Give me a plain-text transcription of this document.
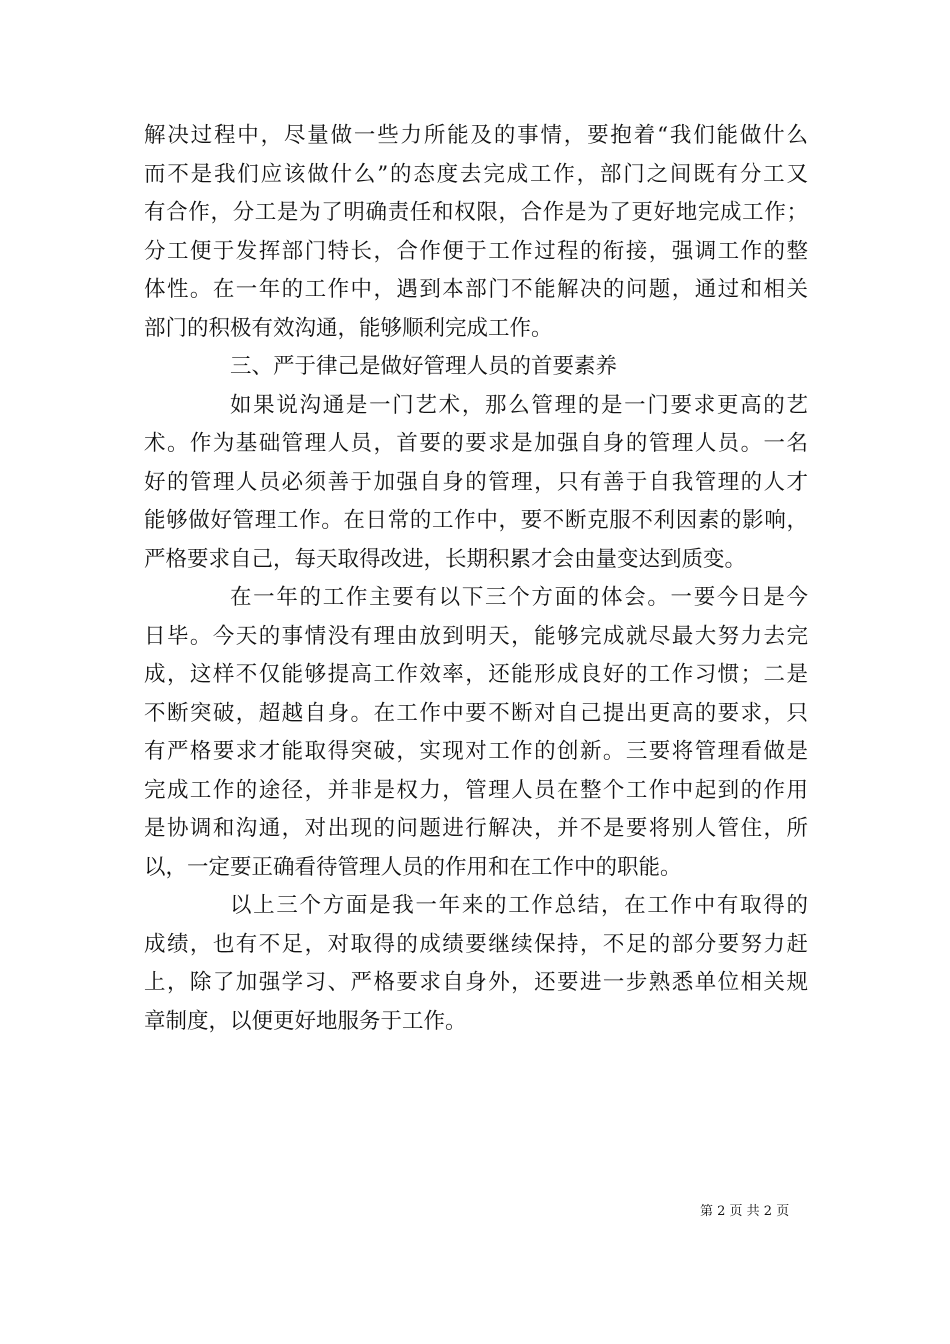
解决过程中，尽量做一些力所能及的事情，要抱着“我们能做什么
而不是我们应该做什么”的态度去完成工作，部门之间既有分工又
有合作，分工是为了明确责任和权限，合作是为了更好地完成工作；
分工便于发挥部门特长，合作便于工作过程的衔接，强调工作的整
体性。在一年的工作中，遇到本部门不能解决的问题，通过和相关
部门的积极有效沟通，能够顺利完成工作。
三、严于律己是做好管理人员的首要素养
如果说沟通是一门艺术，那么管理的是一门要求更高的艺
术。作为基础管理人员，首要的要求是加强自身的管理人员。一名
好的管理人员必须善于加强自身的管理，只有善于自我管理的人才
能够做好管理工作。在日常的工作中，要不断克服不利因素的影响，
严格要求自己，每天取得改进，长期积累才会由量变达到质变。
在一年的工作主要有以下三个方面的体会。一要今日是今
日毕。今天的事情没有理由放到明天，能够完成就尽最大努力去完
成，这样不仅能够提高工作效率，还能形成良好的工作习惯；二是
不断突破，超越自身。在工作中要不断对自己提出更高的要求，只
有严格要求才能取得突破，实现对工作的创新。三要将管理看做是
完成工作的途径，并非是权力，管理人员在整个工作中起到的作用
是协调和沟通，对出现的问题进行解决，并不是要将别人管住，所
以，一定要正确看待管理人员的作用和在工作中的职能。
以上三个方面是我一年来的工作总结，在工作中有取得的
成绩，也有不足，对取得的成绩要继续保持，不足的部分要努力赶
上，除了加强学习、严格要求自身外，还要进一步熟悉单位相关规
章制度，以便更好地服务于工作。
第 2 页 共 2 页
